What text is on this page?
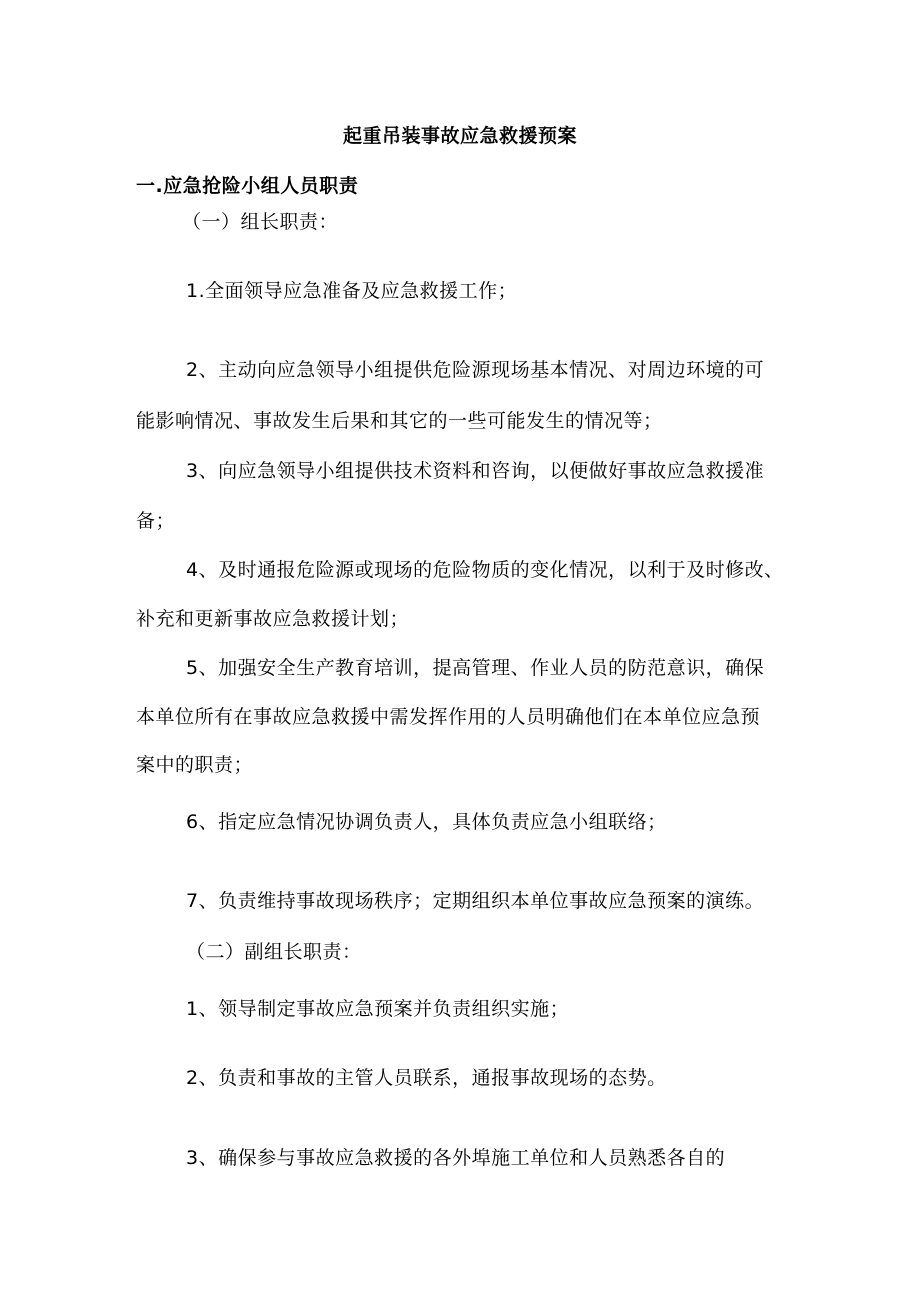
起重吊装事故应急救援预案
一.应急抢险小组人员职责
（一）组长职责：
1.全面领导应急准备及应急救援工作；
2、主动向应急领导小组提供危险源现场基本情况、对周边环境的可
能影响情况、事故发生后果和其它的一些可能发生的情况等；
3、向应急领导小组提供技术资料和咨询，以便做好事故应急救援准
备；
4、及时通报危险源或现场的危险物质的变化情况，以利于及时修改、
补充和更新事故应急救援计划；
5、加强安全生产教育培训，提高管理、作业人员的防范意识，确保
本单位所有在事故应急救援中需发挥作用的人员明确他们在本单位应急预
案中的职责；
6、指定应急情况协调负责人，具体负责应急小组联络；
7、负责维持事故现场秩序；定期组织本单位事故应急预案的演练。
（二）副组长职责：
1、领导制定事故应急预案并负责组织实施；
2、负责和事故的主管人员联系，通报事故现场的态势。
3、确保参与事故应急救援的各外埠施工单位和人员熟悉各自的
